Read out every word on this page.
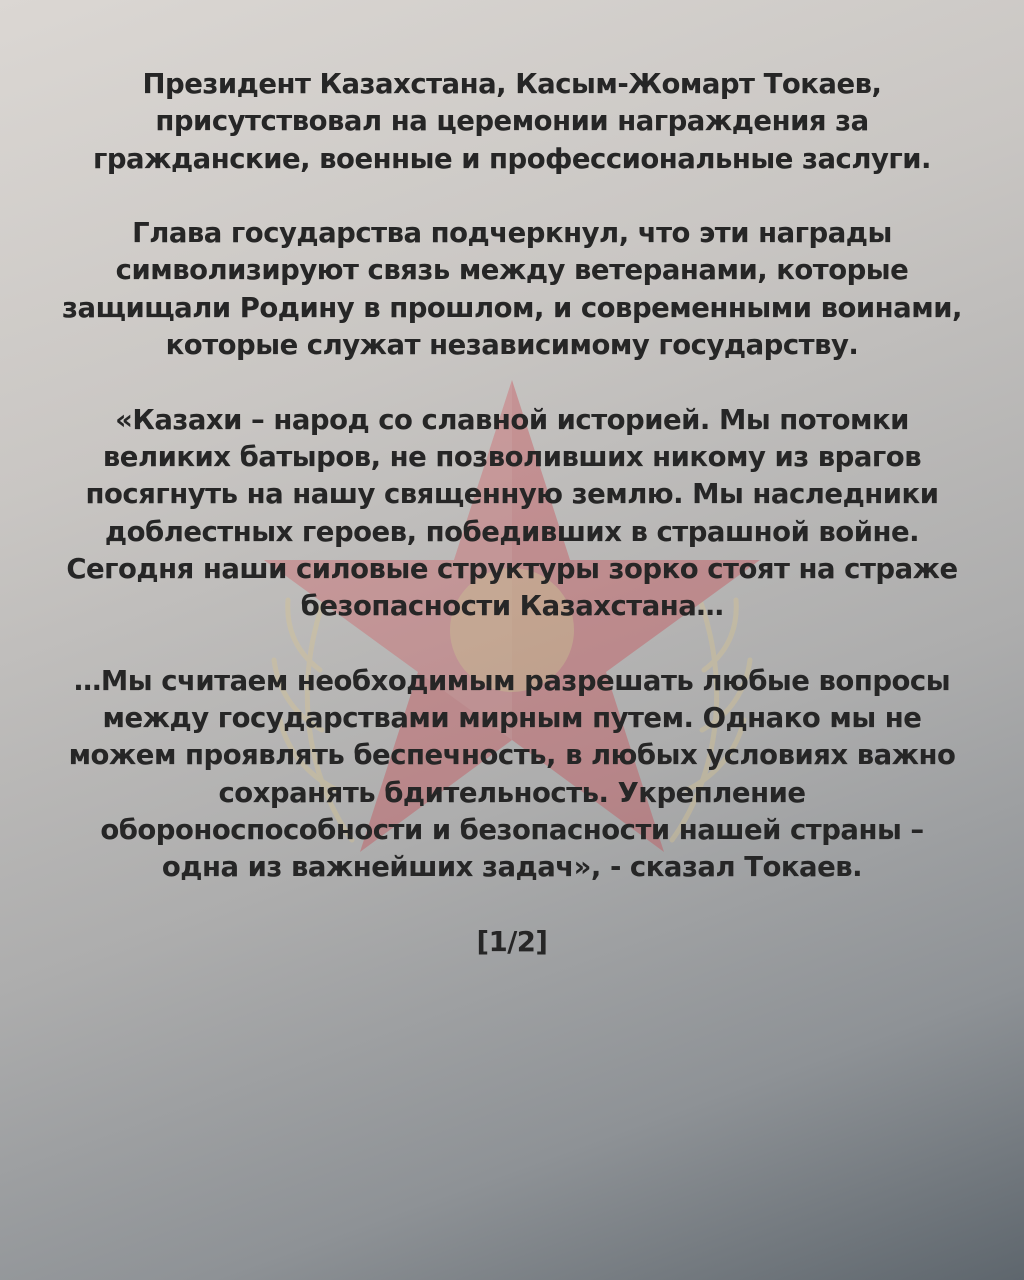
Президент Казахстана, Касым-Жомарт Токаев, присутствовал на церемонии награждения за гражданские, военные и профессиональные заслуги.

Глава государства подчеркнул, что эти награды символизируют связь между ветеранами, которые защищали Родину в прошлом, и современными воинами, которые служат независимому государству.

«Казахи – народ со славной историей. Мы потомки великих батыров, не позволивших никому из врагов посягнуть на нашу священную землю. Мы наследники доблестных героев, победивших в страшной войне. Сегодня наши силовые структуры зорко стоят на страже безопасности Казахстана…

…Мы считаем необходимым разрешать любые вопросы между государствами мирным путем. Однако мы не можем проявлять беспечность, в любых условиях важно сохранять бдительность. Укрепление обороноспособности и безопасности нашей страны – одна из важнейших задач», - сказал Токаев.

[1/2]
